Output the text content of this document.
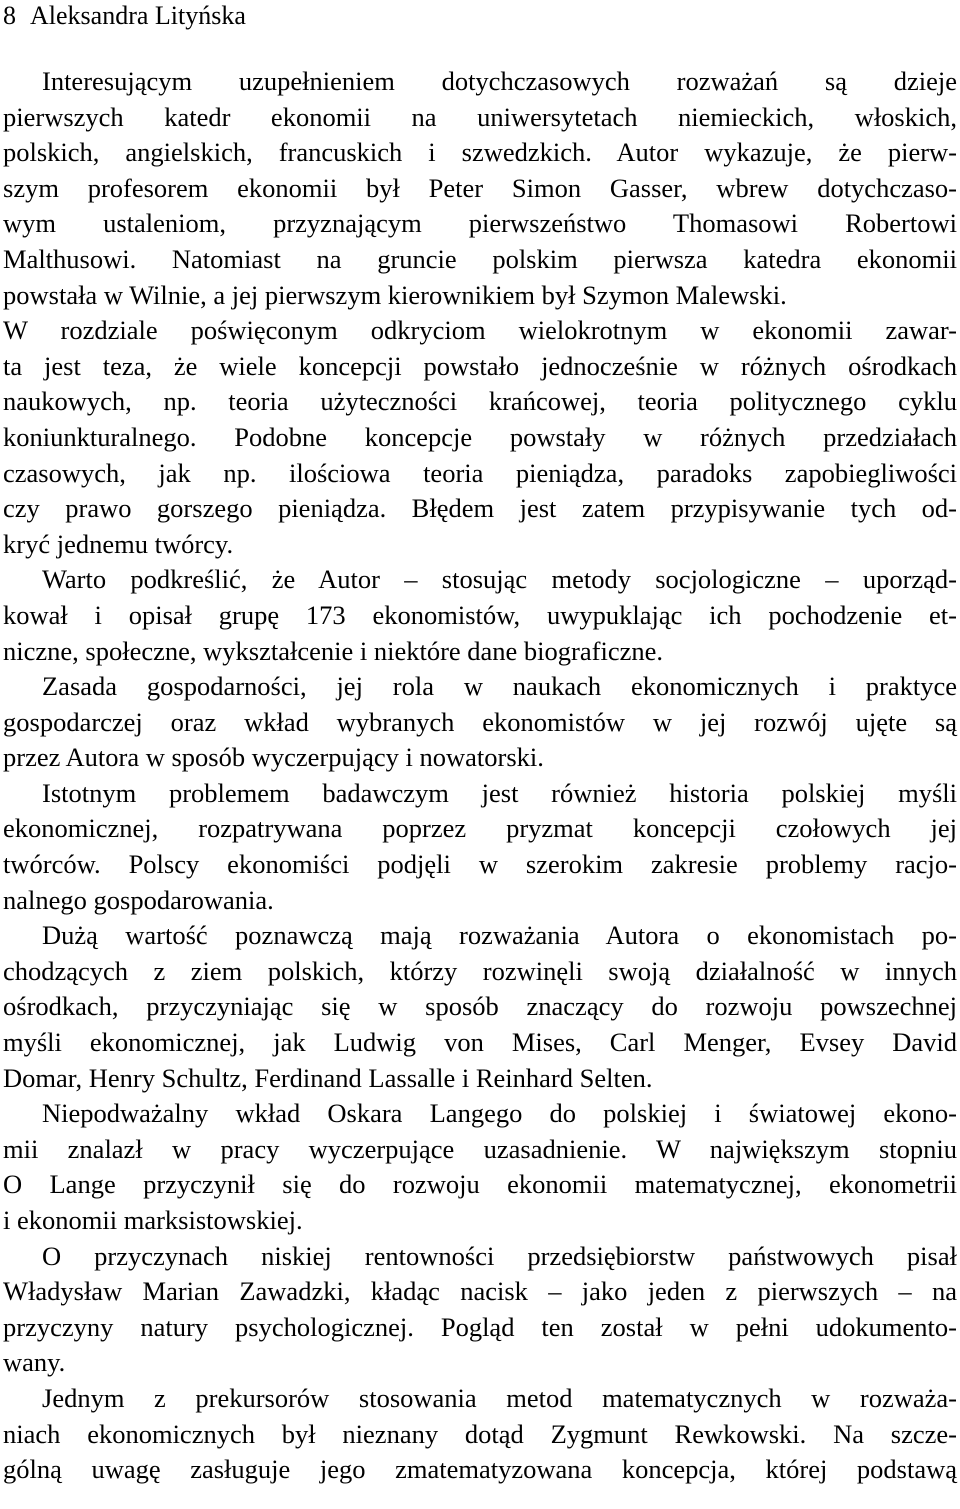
8 Aleksandra Lityńska
Interesującym uzupełnieniem dotychczasowych rozważań są dzieje
pierwszych katedr ekonomii na uniwersytetach niemieckich, włoskich,
polskich, angielskich, francuskich i szwedzkich. Autor wykazuje, że pierw-
szym profesorem ekonomii był Peter Simon Gasser, wbrew dotychczaso-
wym ustaleniom, przyznającym pierwszeństwo Thomasowi Robertowi
Malthusowi. Natomiast na gruncie polskim pierwsza katedra ekonomii
powstała w Wilnie, a jej pierwszym kierownikiem był Szymon Malewski.
W rozdziale poświęconym odkryciom wielokrotnym w ekonomii zawar-
ta jest teza, że wiele koncepcji powstało jednocześnie w różnych ośrodkach
naukowych, np. teoria użyteczności krańcowej, teoria politycznego cyklu
koniunkturalnego. Podobne koncepcje powstały w różnych przedziałach
czasowych, jak np. ilościowa teoria pieniądza, paradoks zapobiegliwości
czy prawo gorszego pieniądza. Błędem jest zatem przypisywanie tych od-
kryć jednemu twórcy.
Warto podkreślić, że Autor – stosując metody socjologiczne – uporząd-
kował i opisał grupę 173 ekonomistów, uwypuklając ich pochodzenie et-
niczne, społeczne, wykształcenie i niektóre dane biograficzne.
Zasada gospodarności, jej rola w naukach ekonomicznych i praktyce
gospodarczej oraz wkład wybranych ekonomistów w jej rozwój ujęte są
przez Autora w sposób wyczerpujący i nowatorski.
Istotnym problemem badawczym jest również historia polskiej myśli
ekonomicznej, rozpatrywana poprzez pryzmat koncepcji czołowych jej
twórców. Polscy ekonomiści podjęli w szerokim zakresie problemy racjo-
nalnego gospodarowania.
Dużą wartość poznawczą mają rozważania Autora o ekonomistach po-
chodzących z ziem polskich, którzy rozwinęli swoją działalność w innych
ośrodkach, przyczyniając się w sposób znaczący do rozwoju powszechnej
myśli ekonomicznej, jak Ludwig von Mises, Carl Menger, Evsey David
Domar, Henry Schultz, Ferdinand Lassalle i Reinhard Selten.
Niepodważalny wkład Oskara Langego do polskiej i światowej ekono-
mii znalazł w pracy wyczerpujące uzasadnienie. W największym stopniu
O Lange przyczynił się do rozwoju ekonomii matematycznej, ekonometrii
i ekonomii marksistowskiej.
O przyczynach niskiej rentowności przedsiębiorstw państwowych pisał
Władysław Marian Zawadzki, kładąc nacisk – jako jeden z pierwszych – na
przyczyny natury psychologicznej. Pogląd ten został w pełni udokumento-
wany.
Jednym z prekursorów stosowania metod matematycznych w rozważa-
niach ekonomicznych był nieznany dotąd Zygmunt Rewkowski. Na szcze-
gólną uwagę zasługuje jego zmatematyzowana koncepcja, której podstawą
